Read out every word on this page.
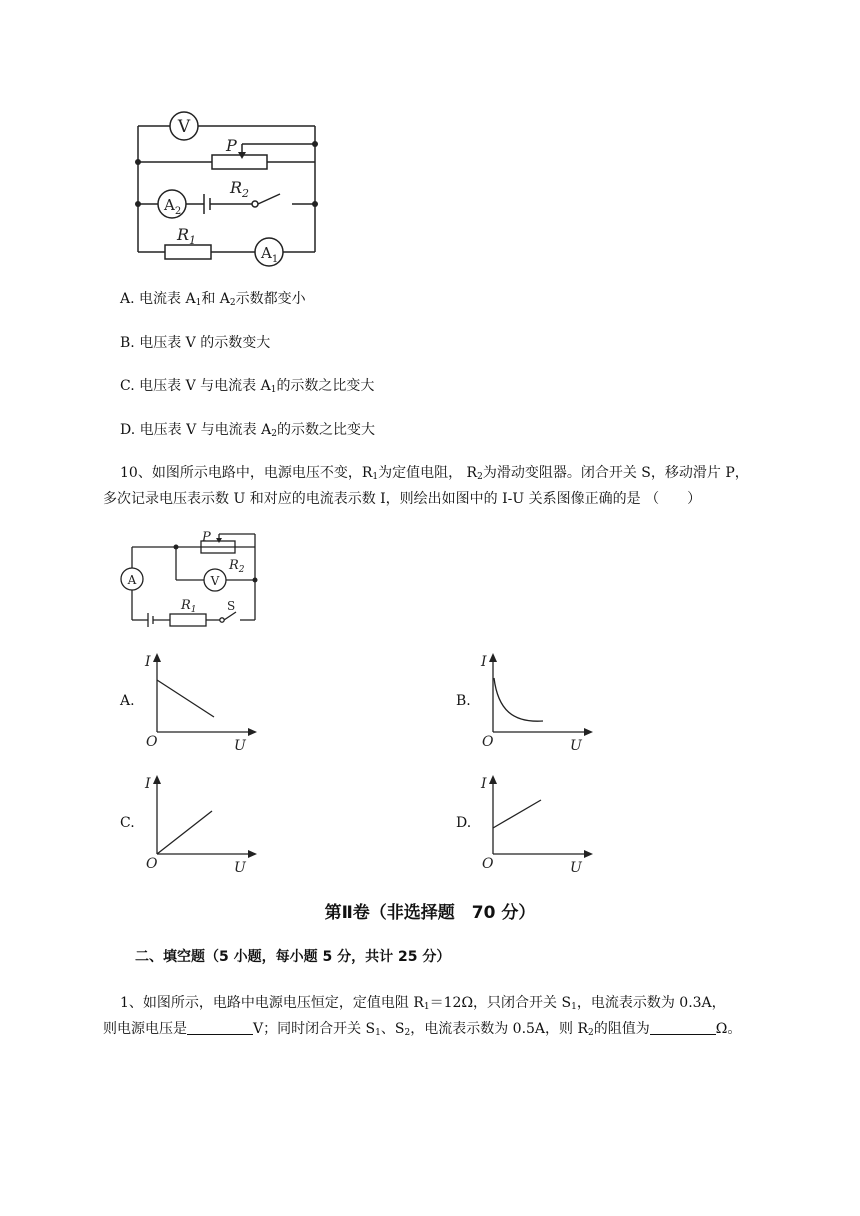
V
P
$R_2$
$R_1$
$A_2$
$A_1$
A. 电流表 $A_1$和 $A_2$示数都变小
B. 电压表 V 的示数变大
C. 电压表 V 与电流表 $A_1$的示数之比变大
D. 电压表 V 与电流表 $A_2$的示数之比变大
10、如图所示电路中，电源电压不变，$R_1$为定值电阻， $R_2$为滑动变阻器。闭合开关 S，移动滑片 P，
多次记录电压表示数 U 和对应的电流表示数 I，则绘出如图中的 I-U 关系图像正确的是 （　　）
P
A	V
$R_2$
$R_1$	S
A.
I
O	U
B.
I
O	U
C.
I
O	U
D.
I
O	U
第Ⅱ卷（非选择题　70 分）
二、填空题（5 小题，每小题 5 分，共计 25 分）
1、如图所示，电路中电源电压恒定，定值电阻 $R_1=12\Omega$，只闭合开关 $S_1$，电流表示数为 0.3A，
则电源电压是	V；同时闭合开关 $S_1$、$S_2$，电流表示数为 0.5A，则 $R_2$的阻值为	Ω。
